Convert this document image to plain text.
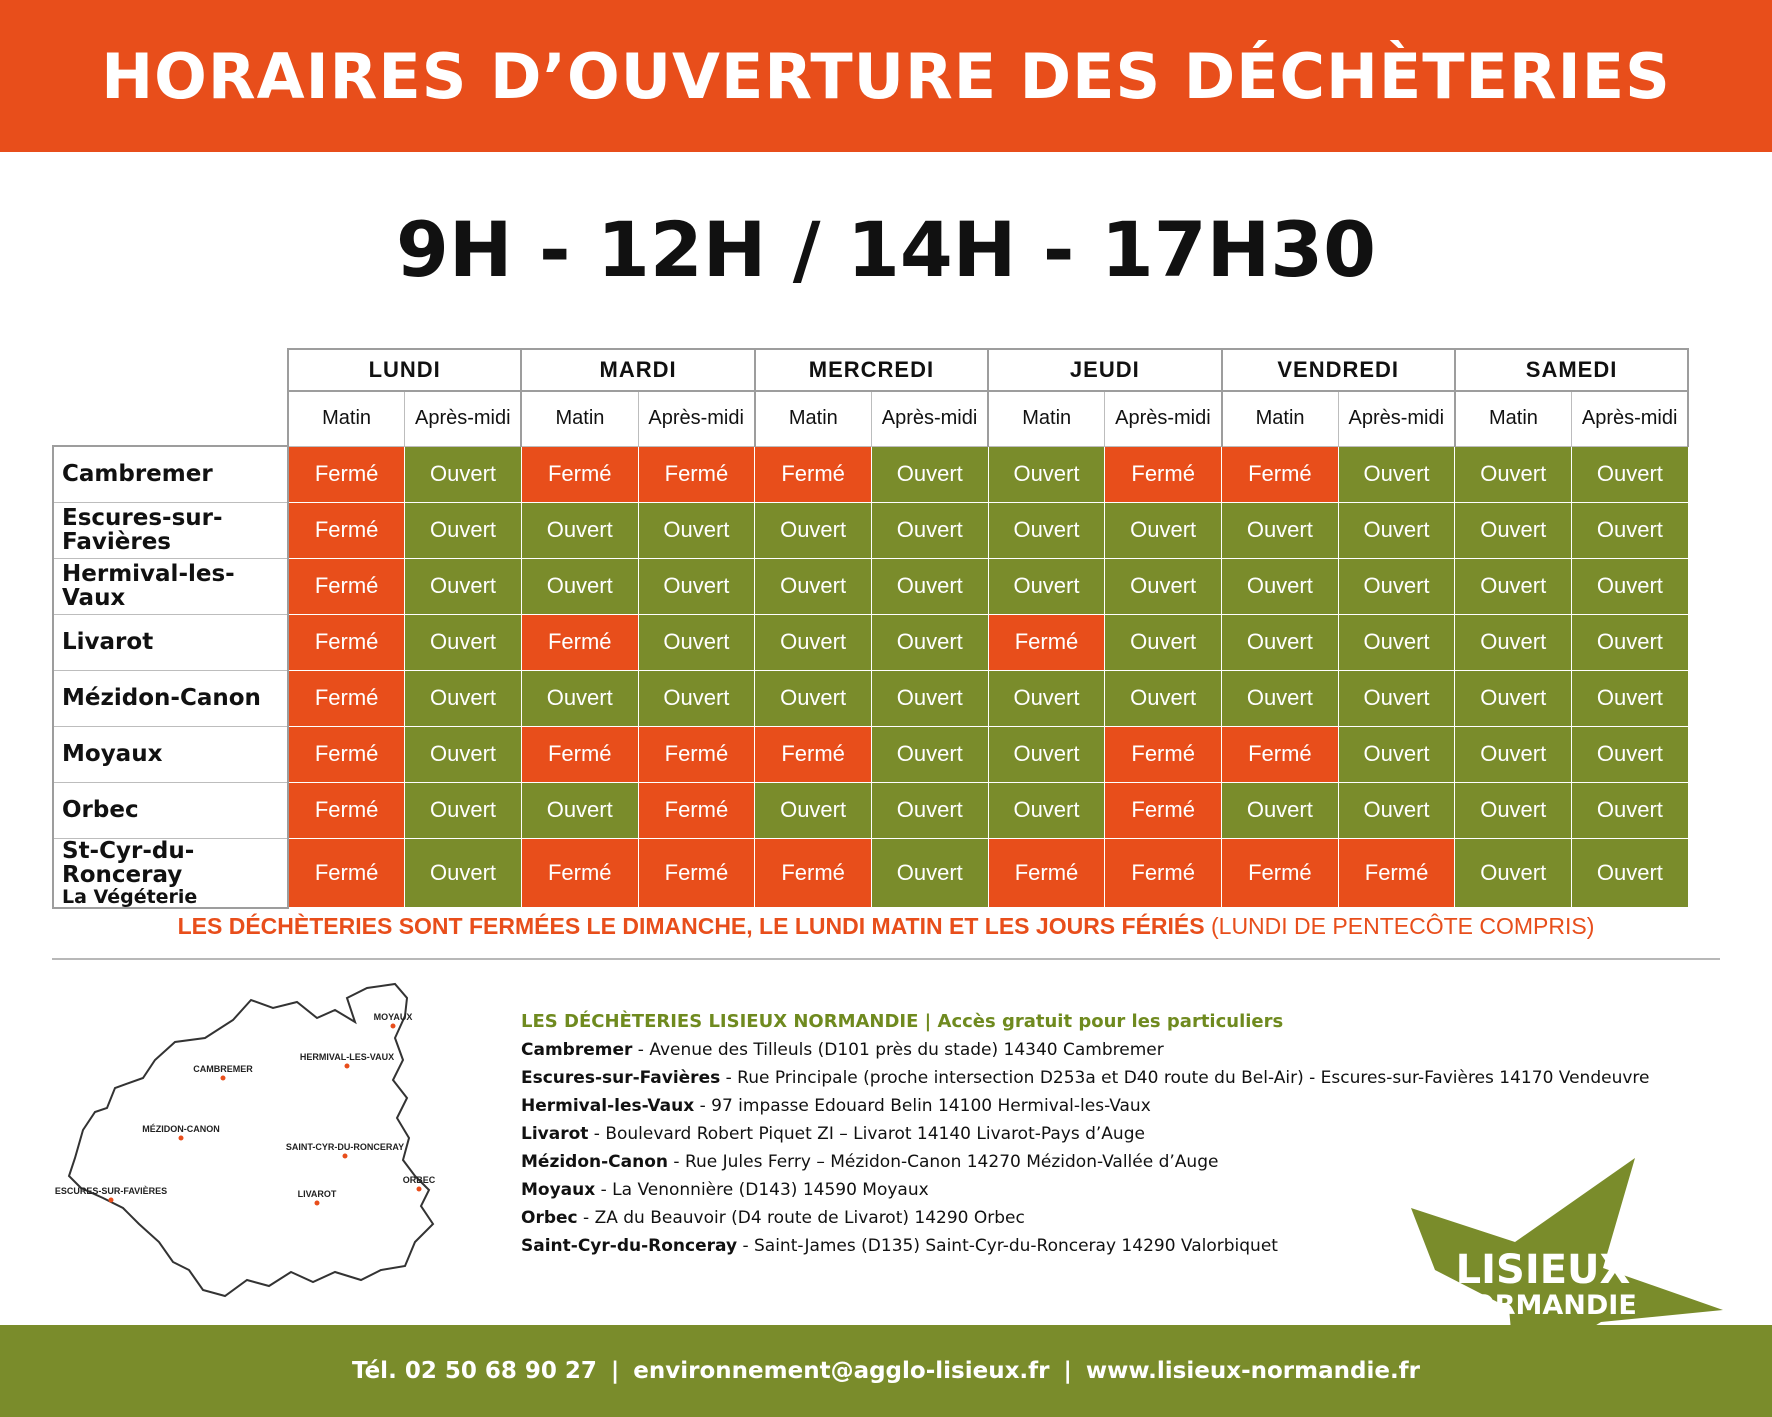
HORAIRES D’OUVERTURE DES DÉCHÈTERIES
9H - 12H / 14H - 17H30
	LUNDI		MARDI		MERCREDI		JEUDI		VENDREDI		SAMEDI	
	Matin	Après-midi	Matin	Après-midi	Matin	Après-midi	Matin	Après-midi	Matin	Après-midi	Matin	Après-midi
Cambremer	Fermé	Ouvert	Fermé	Fermé	Fermé	Ouvert	Ouvert	Fermé	Fermé	Ouvert	Ouvert	Ouvert
Escures-sur-Favières	Fermé	Ouvert	Ouvert	Ouvert	Ouvert	Ouvert	Ouvert	Ouvert	Ouvert	Ouvert	Ouvert	Ouvert
Hermival-les-Vaux	Fermé	Ouvert	Ouvert	Ouvert	Ouvert	Ouvert	Ouvert	Ouvert	Ouvert	Ouvert	Ouvert	Ouvert
Livarot	Fermé	Ouvert	Fermé	Ouvert	Ouvert	Ouvert	Fermé	Ouvert	Ouvert	Ouvert	Ouvert	Ouvert
Mézidon-Canon	Fermé	Ouvert	Ouvert	Ouvert	Ouvert	Ouvert	Ouvert	Ouvert	Ouvert	Ouvert	Ouvert	Ouvert
Moyaux	Fermé	Ouvert	Fermé	Fermé	Fermé	Ouvert	Ouvert	Fermé	Fermé	Ouvert	Ouvert	Ouvert
Orbec	Fermé	Ouvert	Ouvert	Fermé	Ouvert	Ouvert	Ouvert	Fermé	Ouvert	Ouvert	Ouvert	Ouvert
St-Cyr-du-Ronceray
La Végéterie	Fermé	Ouvert	Fermé	Fermé	Fermé	Ouvert	Fermé	Fermé	Fermé	Fermé	Ouvert	Ouvert
LES DÉCHÈTERIES SONT FERMÉES LE DIMANCHE, LE LUNDI MATIN ET LES JOURS FÉRIÉS (LUNDI DE PENTECÔTE COMPRIS)
MOYAUX
HERMIVAL-LES-VAUX
CAMBREMER
MÉZIDON-CANON
SAINT-CYR-DU-RONCERAY
ORBEC
ESCURES-SUR-FAVIÈRES	LIVAROT
LES DÉCHÈTERIES LISIEUX NORMANDIE | Accès gratuit pour les particuliers
Cambremer - Avenue des Tilleuls (D101 près du stade) 14340 Cambremer
Escures-sur-Favières - Rue Principale (proche intersection D253a et D40 route du Bel-Air) - Escures-sur-Favières 14170 Vendeuvre
Hermival-les-Vaux - 97 impasse Edouard Belin 14100 Hermival-les-Vaux
Livarot - Boulevard Robert Piquet ZI – Livarot 14140 Livarot-Pays d’Auge
Mézidon-Canon - Rue Jules Ferry – Mézidon-Canon 14270 Mézidon-Vallée d’Auge
Moyaux - La Venonnière (D143) 14590 Moyaux
Orbec - ZA du Beauvoir (D4 route de Livarot) 14290 Orbec
Saint-Cyr-du-Ronceray - Saint-James (D135) Saint-Cyr-du-Ronceray 14290 Valorbiquet
LISIEUX
NORMANDIE
Tél. 02 50 68 90 27 | environnement@agglo-lisieux.fr | www.lisieux-normandie.fr
